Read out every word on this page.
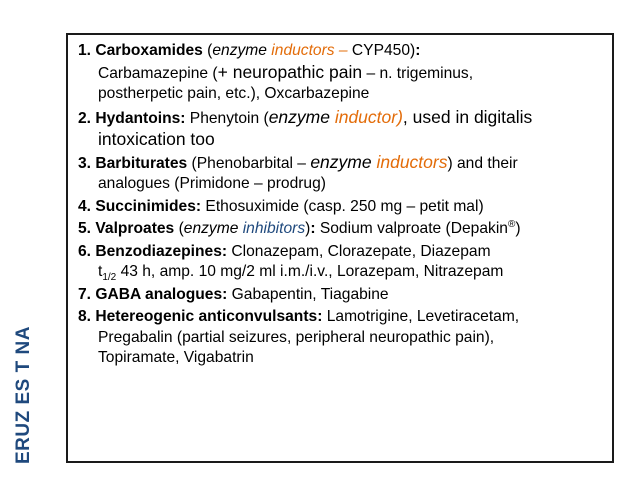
ERUZ ES T NA
1. Carboxamides (enzyme inductors – CYP450):
Carbamazepine (+ neuropathic pain – n. trigeminus,
postherpetic pain, etc.), Oxcarbazepine
2. Hydantoins: Phenytoin (enzyme inductor), used in digitalis
intoxication too
3. Barbiturates (Phenobarbital – enzyme inductors) and their
analogues (Primidone – prodrug)
4. Succinimides: Ethosuximide (casp. 250 mg – petit mal)
5. Valproates (enzyme inhibitors): Sodium valproate (Depakin®)
6. Benzodiazepines: Clonazepam, Clorazepate, Diazepam
$t_{1/2}$ 43 h, amp. 10 mg/2 ml i.m./i.v., Lorazepam, Nitrazepam
7. GABA analogues: Gabapentin, Tiagabine
8. Hetereogenic anticonvulsants: Lamotrigine, Levetiracetam,
Pregabalin (partial seizures, peripheral neuropathic pain),
Topiramate, Vigabatrin
